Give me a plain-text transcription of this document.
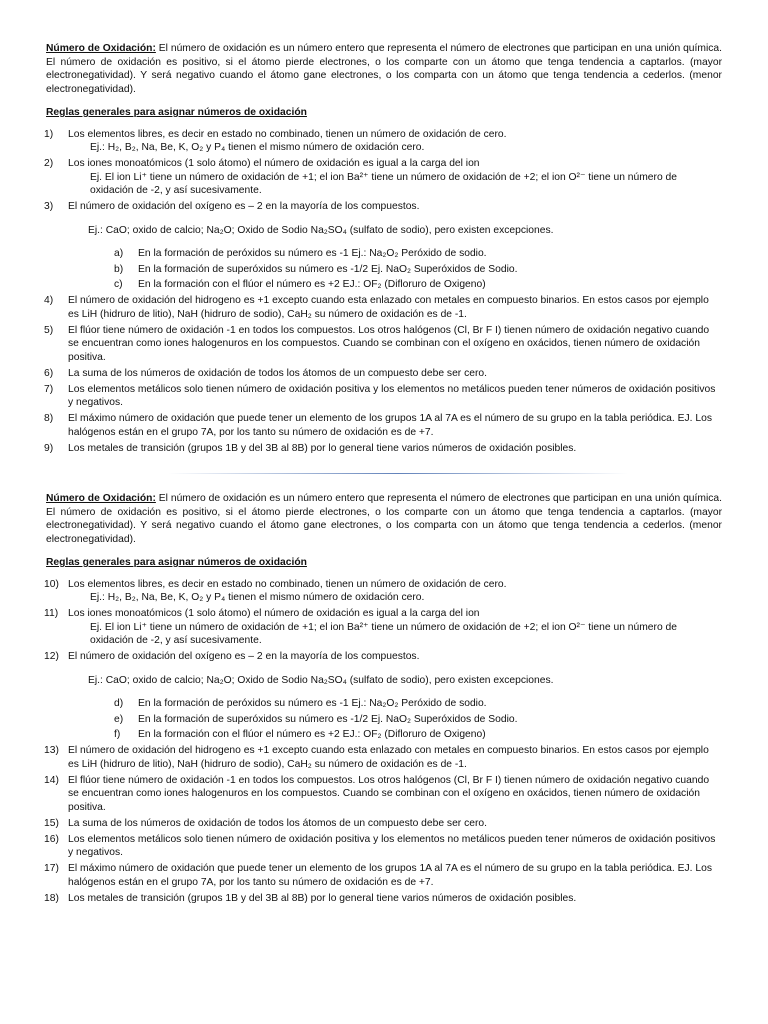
Número de Oxidación: El número de oxidación es un número entero que representa el número de electrones que participan en una unión química. El número de oxidación es positivo, si el átomo pierde electrones, o los comparte con un átomo que tenga tendencia a captarlos. (mayor electronegatividad). Y será negativo cuando el átomo gane electrones, o los comparta con un átomo que tenga tendencia a cederlos. (menor electronegatividad).

Reglas generales para asignar números de oxidación
1) Los elementos libres, es decir en estado no combinado, tienen un número de oxidación de cero.
Ej.: H₂, B₂, Na, Be, K, O₂ y P₄ tienen el mismo número de oxidación cero.
2) Los iones monoatómicos (1 solo átomo) el número de oxidación es igual a la carga del ion
Ej. El ion Li⁺ tiene un número de oxidación de +1; el ion Ba²⁺ tiene un número de oxidación de +2; el ion O²⁻ tiene un número de oxidación de -2, y así sucesivamente.
3) El número de oxidación del oxígeno es – 2 en la mayoría de los compuestos.
Ej.: CaO; oxido de calcio; Na₂O; Oxido de Sodio Na₂SO₄ (sulfato de sodio), pero existen excepciones.
a) En la formación de peróxidos su número es -1 Ej.: Na₂O₂ Peróxido de sodio.
b) En la formación de superóxidos su número es -1/2 Ej. NaO₂ Superóxidos de Sodio.
c) En la formación con el flúor el número es +2 EJ.: OF₂ (Difloruro de Oxigeno)
4) El número de oxidación del hidrogeno es +1 excepto cuando esta enlazado con metales en compuesto binarios. En estos casos por ejemplo es LiH (hidruro de litio), NaH (hidruro de sodio), CaH₂ su número de oxidación es de -1.
5) El flúor tiene número de oxidación -1 en todos los compuestos. Los otros halógenos (Cl, Br F I) tienen número de oxidación negativo cuando se encuentran como iones halogenuros en los compuestos. Cuando se combinan con el oxígeno en oxácidos, tienen número de oxidación positiva.
6) La suma de los números de oxidación de todos los átomos de un compuesto debe ser cero.
7) Los elementos metálicos solo tienen número de oxidación positiva y los elementos no metálicos pueden tener números de oxidación positivos y negativos.
8) El máximo número de oxidación que puede tener un elemento de los grupos 1A al 7A es el número de su grupo en la tabla periódica. EJ. Los halógenos están en el grupo 7A, por los tanto su número de oxidación es de +7.
9) Los metales de transición (grupos 1B y del 3B al 8B) por lo general tiene varios números de oxidación posibles.

Número de Oxidación: El número de oxidación es un número entero que representa el número de electrones que participan en una unión química. El número de oxidación es positivo, si el átomo pierde electrones, o los comparte con un átomo que tenga tendencia a captarlos. (mayor electronegatividad). Y será negativo cuando el átomo gane electrones, o los comparta con un átomo que tenga tendencia a cederlos. (menor electronegatividad).

Reglas generales para asignar números de oxidación
10) Los elementos libres, es decir en estado no combinado, tienen un número de oxidación de cero.
Ej.: H₂, B₂, Na, Be, K, O₂ y P₄ tienen el mismo número de oxidación cero.
11) Los iones monoatómicos (1 solo átomo) el número de oxidación es igual a la carga del ion
Ej. El ion Li⁺ tiene un número de oxidación de +1; el ion Ba²⁺ tiene un número de oxidación de +2; el ion O²⁻ tiene un número de oxidación de -2, y así sucesivamente.
12) El número de oxidación del oxígeno es – 2 en la mayoría de los compuestos.
Ej.: CaO; oxido de calcio; Na₂O; Oxido de Sodio Na₂SO₄ (sulfato de sodio), pero existen excepciones.
d) En la formación de peróxidos su número es -1 Ej.: Na₂O₂ Peróxido de sodio.
e) En la formación de superóxidos su número es -1/2 Ej. NaO₂ Superóxidos de Sodio.
f) En la formación con el flúor el número es +2 EJ.: OF₂ (Difloruro de Oxigeno)
13) El número de oxidación del hidrogeno es +1 excepto cuando esta enlazado con metales en compuesto binarios. En estos casos por ejemplo es LiH (hidruro de litio), NaH (hidruro de sodio), CaH₂ su número de oxidación es de -1.
14) El flúor tiene número de oxidación -1 en todos los compuestos. Los otros halógenos (Cl, Br F I) tienen número de oxidación negativo cuando se encuentran como iones halogenuros en los compuestos. Cuando se combinan con el oxígeno en oxácidos, tienen número de oxidación positiva.
15) La suma de los números de oxidación de todos los átomos de un compuesto debe ser cero.
16) Los elementos metálicos solo tienen número de oxidación positiva y los elementos no metálicos pueden tener números de oxidación positivos y negativos.
17) El máximo número de oxidación que puede tener un elemento de los grupos 1A al 7A es el número de su grupo en la tabla periódica. EJ. Los halógenos están en el grupo 7A, por los tanto su número de oxidación es de +7.
18) Los metales de transición (grupos 1B y del 3B al 8B) por lo general tiene varios números de oxidación posibles.
